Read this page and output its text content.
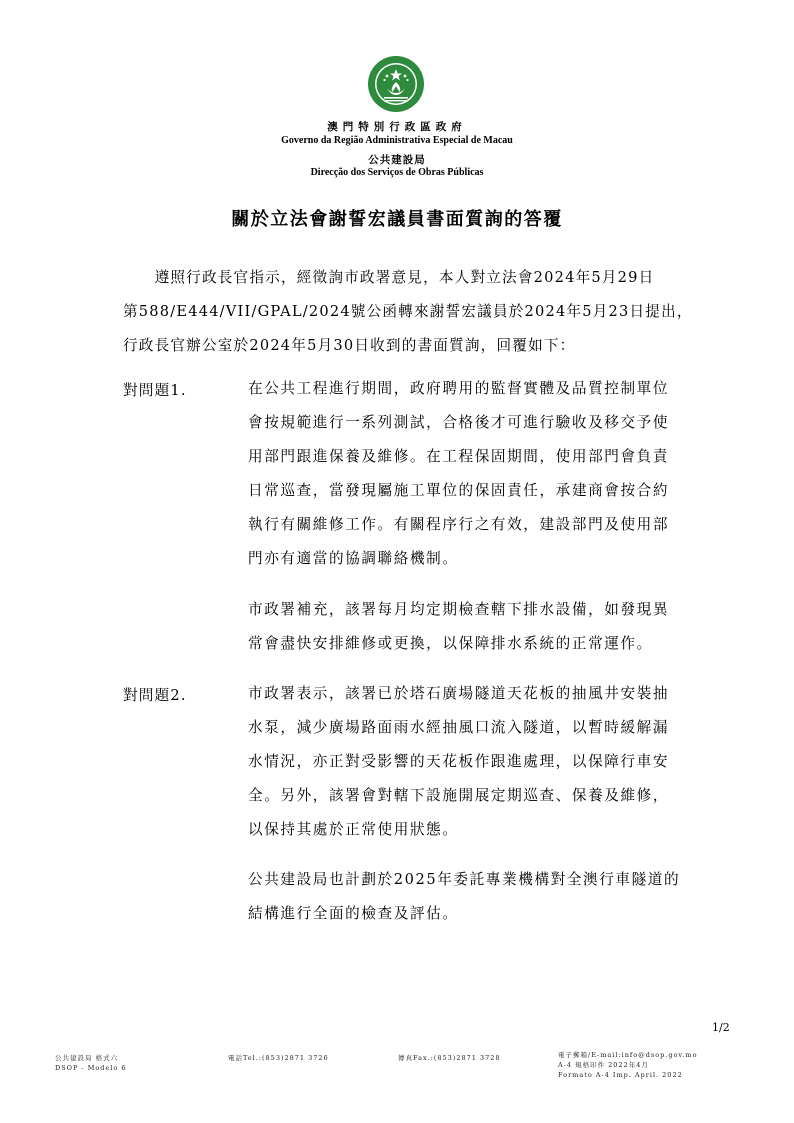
澳門特別行政區政府
Governo da Região Administrativa Especial de Macau
公共建設局
Direcção dos Serviços de Obras Públicas
關於立法會謝誓宏議員書面質詢的答覆
　　遵照行政長官指示，經徵詢市政署意見，本人對立法會2024年5月29日
第588/E444/VII/GPAL/2024號公函轉來謝誓宏議員於2024年5月23日提出，
行政長官辦公室於2024年5月30日收到的書面質詢，回覆如下：
對問題1.	在公共工程進行期間，政府聘用的監督實體及品質控制單位
會按規範進行一系列測試，合格後才可進行驗收及移交予使
用部門跟進保養及維修。在工程保固期間，使用部門會負責
日常巡查，當發現屬施工單位的保固責任，承建商會按合約
執行有關維修工作。有關程序行之有效，建設部門及使用部
門亦有適當的協調聯絡機制。
市政署補充，該署每月均定期檢查轄下排水設備，如發現異
常會盡快安排維修或更換，以保障排水系統的正常運作。
對問題2.	市政署表示，該署已於塔石廣場隧道天花板的抽風井安裝抽
水泵，減少廣場路面雨水經抽風口流入隧道，以暫時緩解漏
水情況，亦正對受影響的天花板作跟進處理，以保障行車安
全。另外，該署會對轄下設施開展定期巡查、保養及維修，
以保持其處於正常使用狀態。
公共建設局也計劃於2025年委託專業機構對全澳行車隧道的
結構進行全面的檢查及評估。
1/2
公共建設局 格式六
DSOP - Modelo 6
電話Tel.:(853)2871 3726	傳真Fax.:(853)2871 3728	電子郵箱/E-mail:info@dsop.gov.mo
A-4 規格印件 2022年4月
Formato A-4 Imp. April. 2022
